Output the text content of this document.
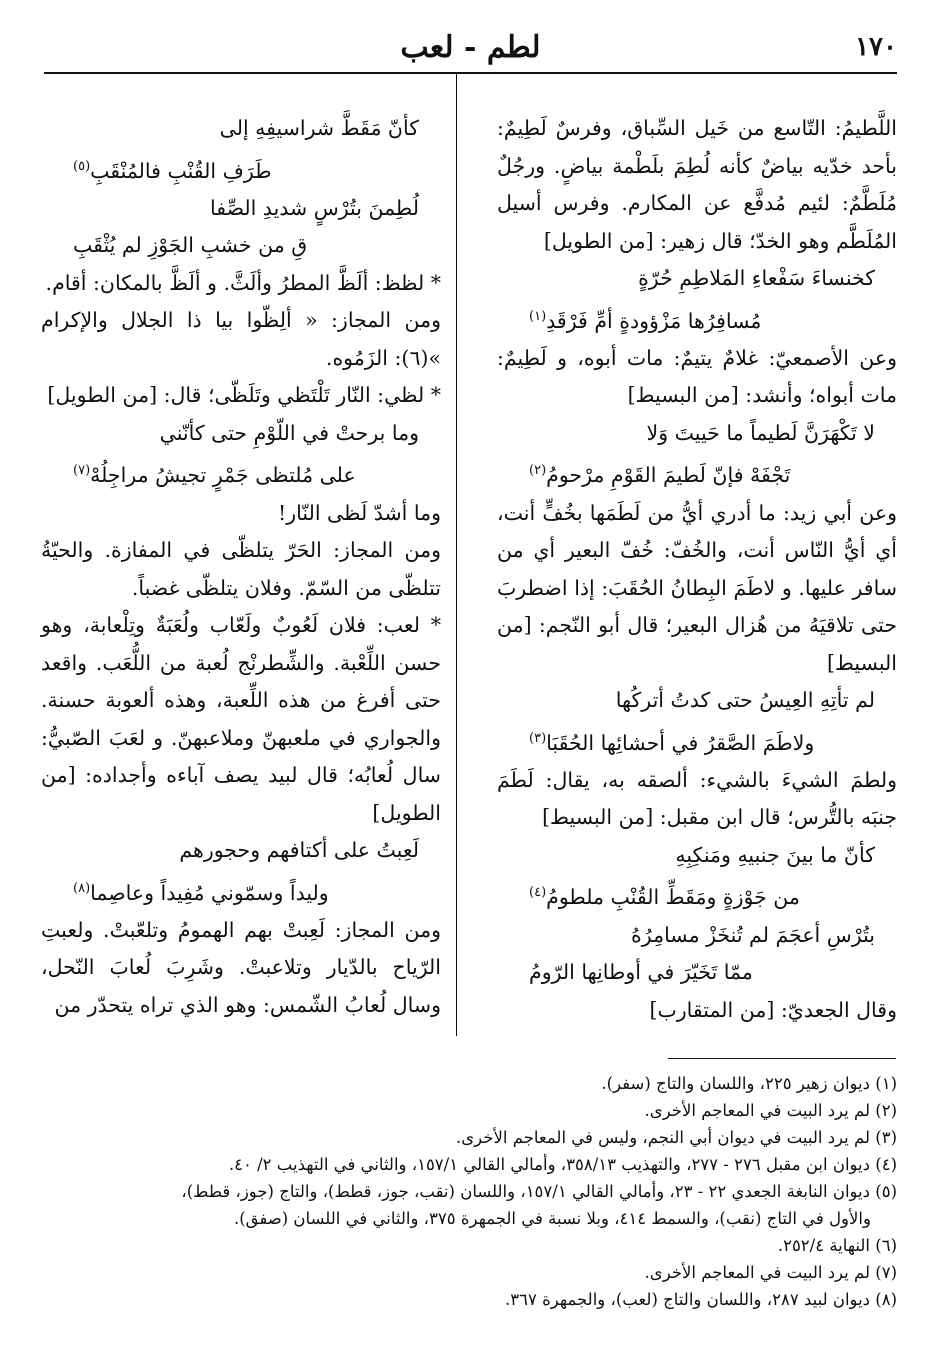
١٧٠
لطم - لعب

اللَّطيمُ: التّاسع من خَيل السِّباق، وفرسٌ لَطِيمٌ: بأحد خدّيه بياضٌ كأنه لُطِمَ بلَطْمة بياضٍ. ورجُلٌ مُلَطَّمٌ: لئيم مُدفَّع عن المكارم. وفرس أسيل المُلَطَّم وهو الخدّ؛ قال زهير: [من الطويل]

كخنساءَ سَفْعاءِ المَلاطِمِ حُرّةٍ
مُسافِرُها مَزْؤودةٍ أمِّ فَرْقَدِ$^{(١)}$

وعن الأصمعيّ: غلامٌ يتيمٌ: مات أبوه، و لَطِيمٌ: مات أبواه؛ وأنشد: [من البسيط]

لا تَكْهَرَنَّ لَطيماً ما حَييتَ وَلا
تَجْفَهْ فإنّ لَطيمَ القَوْمِ مرْحومُ$^{(٢)}$

وعن أبي زيد: ما أدري أيُّ من لَطَمَها بخُفٍّ أنت، أي أيُّ النّاس أنت، والخُفّ: خُفّ البعير أي من سافر عليها. و لاطَمَ البِطانُ الحُقَبَ: إذا اضطربَ حتى تلاقيَهُ من هُزال البعير؛ قال أبو النّجم: [من البسيط]

لم تأتِهِ العِيسُ حتى كدتُ أتركُها
ولاطَمَ الصَّقرُ في أحشائِها الحُقَبَا$^{(٣)}$

ولطمَ الشيءَ بالشيء: ألصقه به، يقال: لَطَمَ جنبَه بالتُّرس؛ قال ابن مقبل: [من البسيط]

كأنّ ما بينَ جنبيهِ ومَنكِبِهِ
من جَوْزةٍ ومَقَطِّ القُنْبِ ملطومُ$^{(٤)}$
بتُرْسِ أعجَمَ لم تُنخَزْ مسامِرُهُ
ممّا تَخَيّرَ في أوطانِها الرّومُ

وقال الجعديّ: [من المتقارب]

كأنّ مَقَطَّ شراسيفِهِ إلى
طَرَفِ القُنْبِ فالمُنْقَبِ$^{(٥)}$
لُطِمنَ بتُرْسٍ شديدِ الصِّفا
قِ من خشبِ الجَوْزِ لم يُثْقَبِ

* لظظ: ألَظَّ المطرُ وألَثَّ. و ألَظَّ بالمكان: أقام.

ومن المجاز: « ألِظّوا بيا ذا الجلال والإكرام »(٦): الزَمُوه.

* لظي: النّار تَلْتَظي وتَلَظّى؛ قال: [من الطويل]

وما برحتْ في اللّوْمِ حتى كأنّني
على مُلتظى جَمْرٍ تجيشُ مراجِلُهْ$^{(٧)}$

وما أشدّ لَظى النّار!

ومن المجاز: الحَرّ يتلظّى في المفازة. والحيّةُ تتلظّى من السّمّ. وفلان يتلظّى غضباً.

* لعب: فلان لَعُوبٌ ولَعّاب ولُعَبَةٌ وتِلْعابة، وهو حسن اللِّعْبة. والشِّطرنْج لُعبة من اللُّعَب. واقعد حتى أفرغ من هذه اللِّعبة، وهذه ألعوبة حسنة. والجواري في ملعبهنّ وملاعبهنّ. و لعَبَ الصّبيُّ: سال لُعابُه؛ قال لبيد يصف آباءه وأجداده: [من الطويل]

لَعِبتُ على أكتافهم وحجورهم
وليداً وسمّوني مُفِيداً وعاصِما$^{(٨)}$

ومن المجاز: لَعِبتْ بهم الهمومُ وتلعّبتْ. ولعبتِ الرّياح بالدّيار وتلاعبتْ. وشَرِبَ لُعابَ النّحل، وسال لُعابُ الشّمس: وهو الذي تراه يتحدّر من

(١) ديوان زهير ٢٢٥، واللسان والتاج (سفر).

(٢) لم يرد البيت في المعاجم الأخرى.

(٣) لم يرد البيت في ديوان أبي النجم، وليس في المعاجم الأخرى.

(٤) ديوان ابن مقبل ٢٧٦ - ٢٧٧، والتهذيب ٣٥٨/١٣، وأمالي القالي ١٥٧/١، والثاني في التهذيب ٢/ ٤٠.

(٥) ديوان النابغة الجعدي ٢٢ - ٢٣، وأمالي القالي ١٥٧/١، واللسان (نقب، جوز، قطط)، والتاج (جوز، قطط)،

والأول في التاج (نقب)، والسمط ٤١٤، وبلا نسبة في الجمهرة ٣٧٥، والثاني في اللسان (صفق).

(٦) النهاية ٢٥٢/٤.

(٧) لم يرد البيت في المعاجم الأخرى.

(٨) ديوان لبيد ٢٨٧، واللسان والتاج (لعب)، والجمهرة ٣٦٧.
